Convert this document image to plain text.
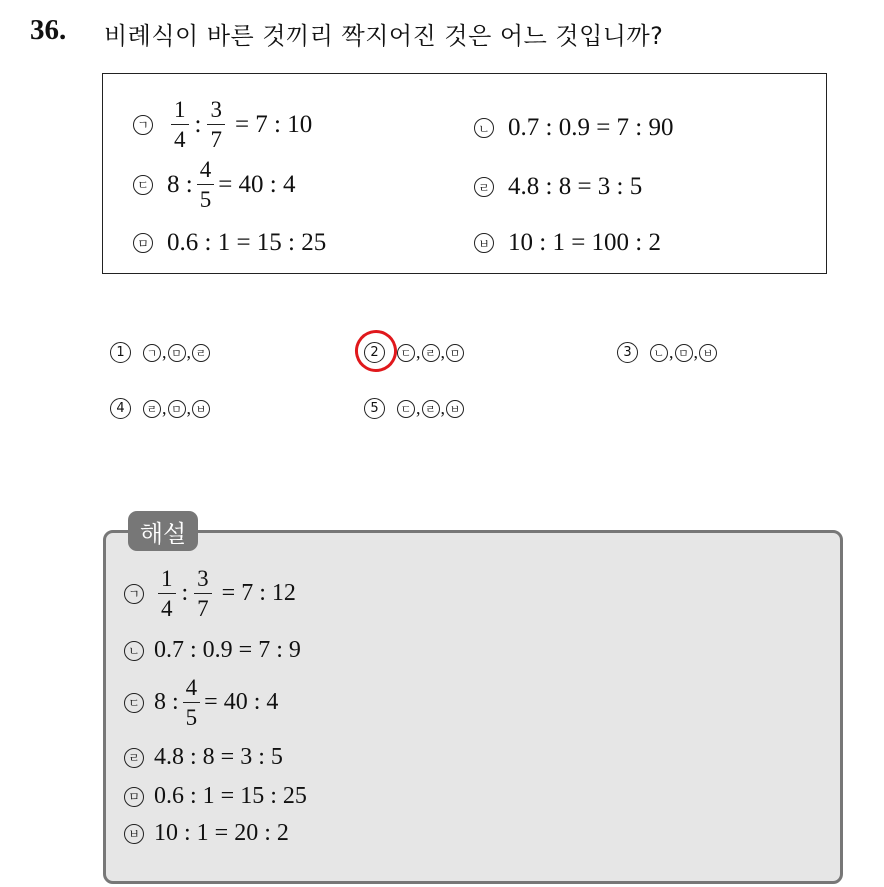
36. 비례식이 바른 것끼리 짝지어진 것은 어느 것입니까?
ㄱ $\frac{1}{4}$ : $\frac{3}{7} = 7$ : 10	ㄴ 0.7 : 0.9 = 7 : 90
ㄷ 8 : $\frac{4}{5} = 40$ : 4	ㄹ 4.8 : 8 = 3 : 5
ㅁ 0.6 : 1 = 15 : 25	ㅂ 10 : 1 = 100 : 2
1	ㄱ , ㅁ , ㄹ	2	ㄷ , ㄹ , ㅁ	3	ㄴ , ㅁ , ㅂ
4	ㄹ , ㅁ , ㅂ	5	ㄷ , ㄹ , ㅂ
해설
ㄱ $\frac{1}{4}$ : $\frac{3}{7} = 7$ : 12
ㄴ 0.7 : 0.9 = 7 : 9
ㄷ 8 : $\frac{4}{5} = 40$ : 4
ㄹ 4.8 : 8 = 3 : 5
ㅁ 0.6 : 1 = 15 : 25
ㅂ 10 : 1 = 20 : 2
